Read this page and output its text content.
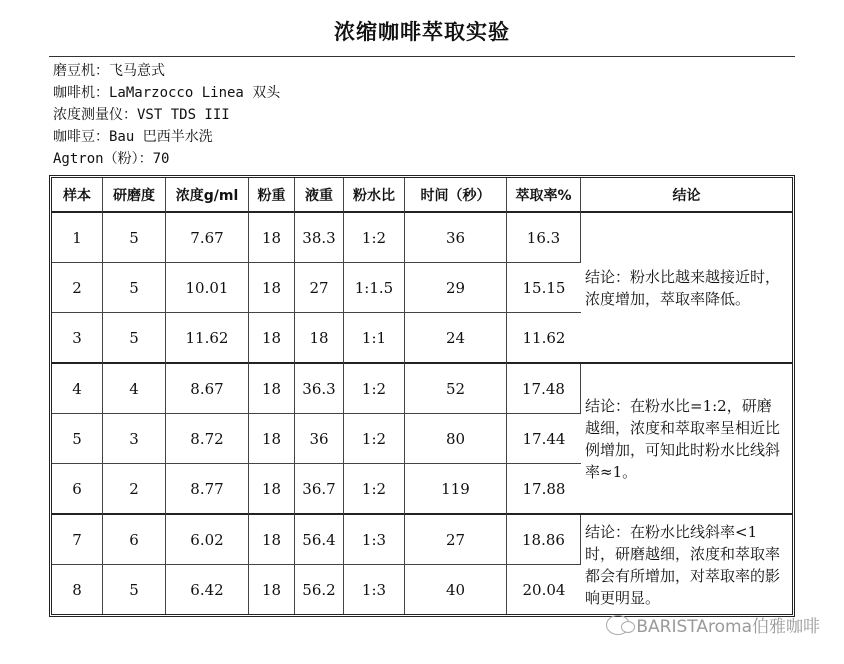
浓缩咖啡萃取实验
磨豆机：飞马意式
咖啡机：LaMarzocco Linea 双头
浓度测量仪：VST TDS III
咖啡豆：Bau 巴西半水洗
Agtron（粉）：70
样本	研磨度	浓度g/ml	粉重	液重	粉水比	时间（秒）	萃取率%	结论
1	5	7.67	18	38.3	1:2	36	16.3	结论：粉水比越来越接近时，浓度增加，萃取率降低。
2	5	10.01	18	27	1:1.5	29	15.15	
3	5	11.62	18	18	1:1	24	11.62	
4	4	8.67	18	36.3	1:2	52	17.48	结论：在粉水比=1:2，研磨越细，浓度和萃取率呈相近比例增加，可知此时粉水比线斜率≈1。
5	3	8.72	18	36	1:2	80	17.44	
6	2	8.77	18	36.7	1:2	119	17.88	
7	6	6.02	18	56.4	1:3	27	18.86	结论：在粉水比线斜率<1时，研磨越细，浓度和萃取率都会有所增加，对萃取率的影响更明显。
8	5	6.42	18	56.2	1:3	40	20.04	
BARISTAroma伯雅咖啡
